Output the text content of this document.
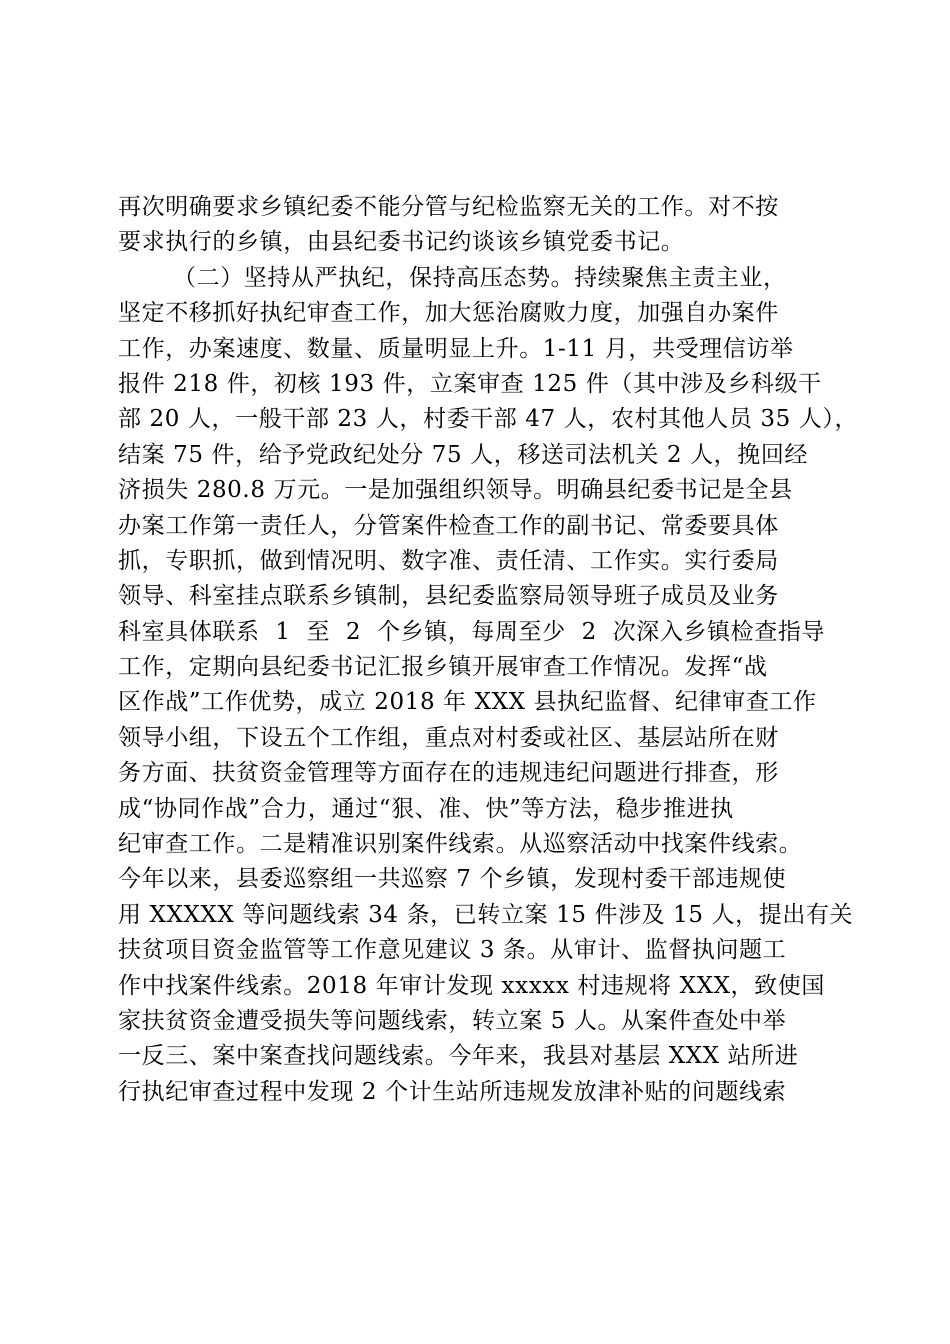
再次明确要求乡镇纪委不能分管与纪检监察无关的工作。对不按
要求执行的乡镇，由县纪委书记约谈该乡镇党委书记。
（二）坚持从严执纪，保持高压态势。持续聚焦主责主业，
坚定不移抓好执纪审查工作，加大惩治腐败力度，加强自办案件
工作，办案速度、数量、质量明显上升。1-11 月，共受理信访举
报件 218 件，初核 193 件，立案审查 125 件（其中涉及乡科级干
部 20 人，一般干部 23 人，村委干部 47 人，农村其他人员 35 人），
结案 75 件，给予党政纪处分 75 人，移送司法机关 2 人，挽回经
济损失 280.8 万元。一是加强组织领导。明确县纪委书记是全县
办案工作第一责任人，分管案件检查工作的副书记、常委要具体
抓，专职抓，做到情况明、数字准、责任清、工作实。实行委局
领导、科室挂点联系乡镇制，县纪委监察局领导班子成员及业务
科室具体联系  1  至  2  个乡镇，每周至少  2  次深入乡镇检查指导
工作，定期向县纪委书记汇报乡镇开展审查工作情况。发挥“战
区作战”工作优势，成立 2018 年 XXX 县执纪监督、纪律审查工作
领导小组，下设五个工作组，重点对村委或社区、基层站所在财
务方面、扶贫资金管理等方面存在的违规违纪问题进行排查，形
成“协同作战”合力，通过“狠、准、快”等方法，稳步推进执
纪审查工作。二是精准识别案件线索。从巡察活动中找案件线索。
今年以来，县委巡察组一共巡察 7 个乡镇，发现村委干部违规使
用 XXXXX 等问题线索 34 条，已转立案 15 件涉及 15 人，提出有关
扶贫项目资金监管等工作意见建议 3 条。从审计、监督执问题工
作中找案件线索。2018 年审计发现 xxxxx 村违规将 XXX，致使国
家扶贫资金遭受损失等问题线索，转立案 5 人。从案件查处中举
一反三、案中案查找问题线索。今年来，我县对基层 XXX 站所进
行执纪审查过程中发现 2 个计生站所违规发放津补贴的问题线索
